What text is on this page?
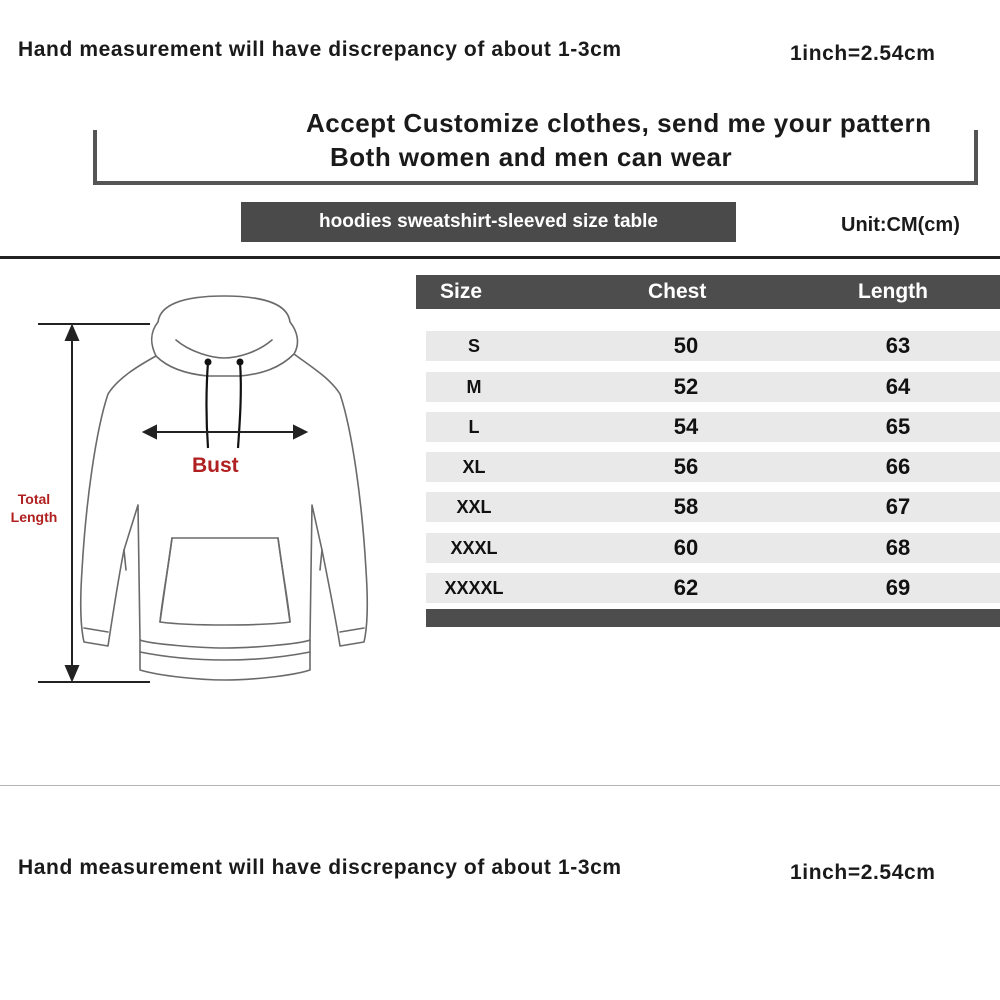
Hand measurement will have discrepancy of about 1-3cm	1inch=2.54cm
Accept Customize clothes, send me your pattern
Both women and men can wear
hoodies sweatshirt-sleeved size table	Unit:CM(cm)
Bust
Total
Length
Size	Chest	Length
S	50	63
M	52	64
L	54	65
XL	56	66
XXL	58	67
XXXL	60	68
XXXXL	62	69
Hand measurement will have discrepancy of about 1-3cm	1inch=2.54cm
